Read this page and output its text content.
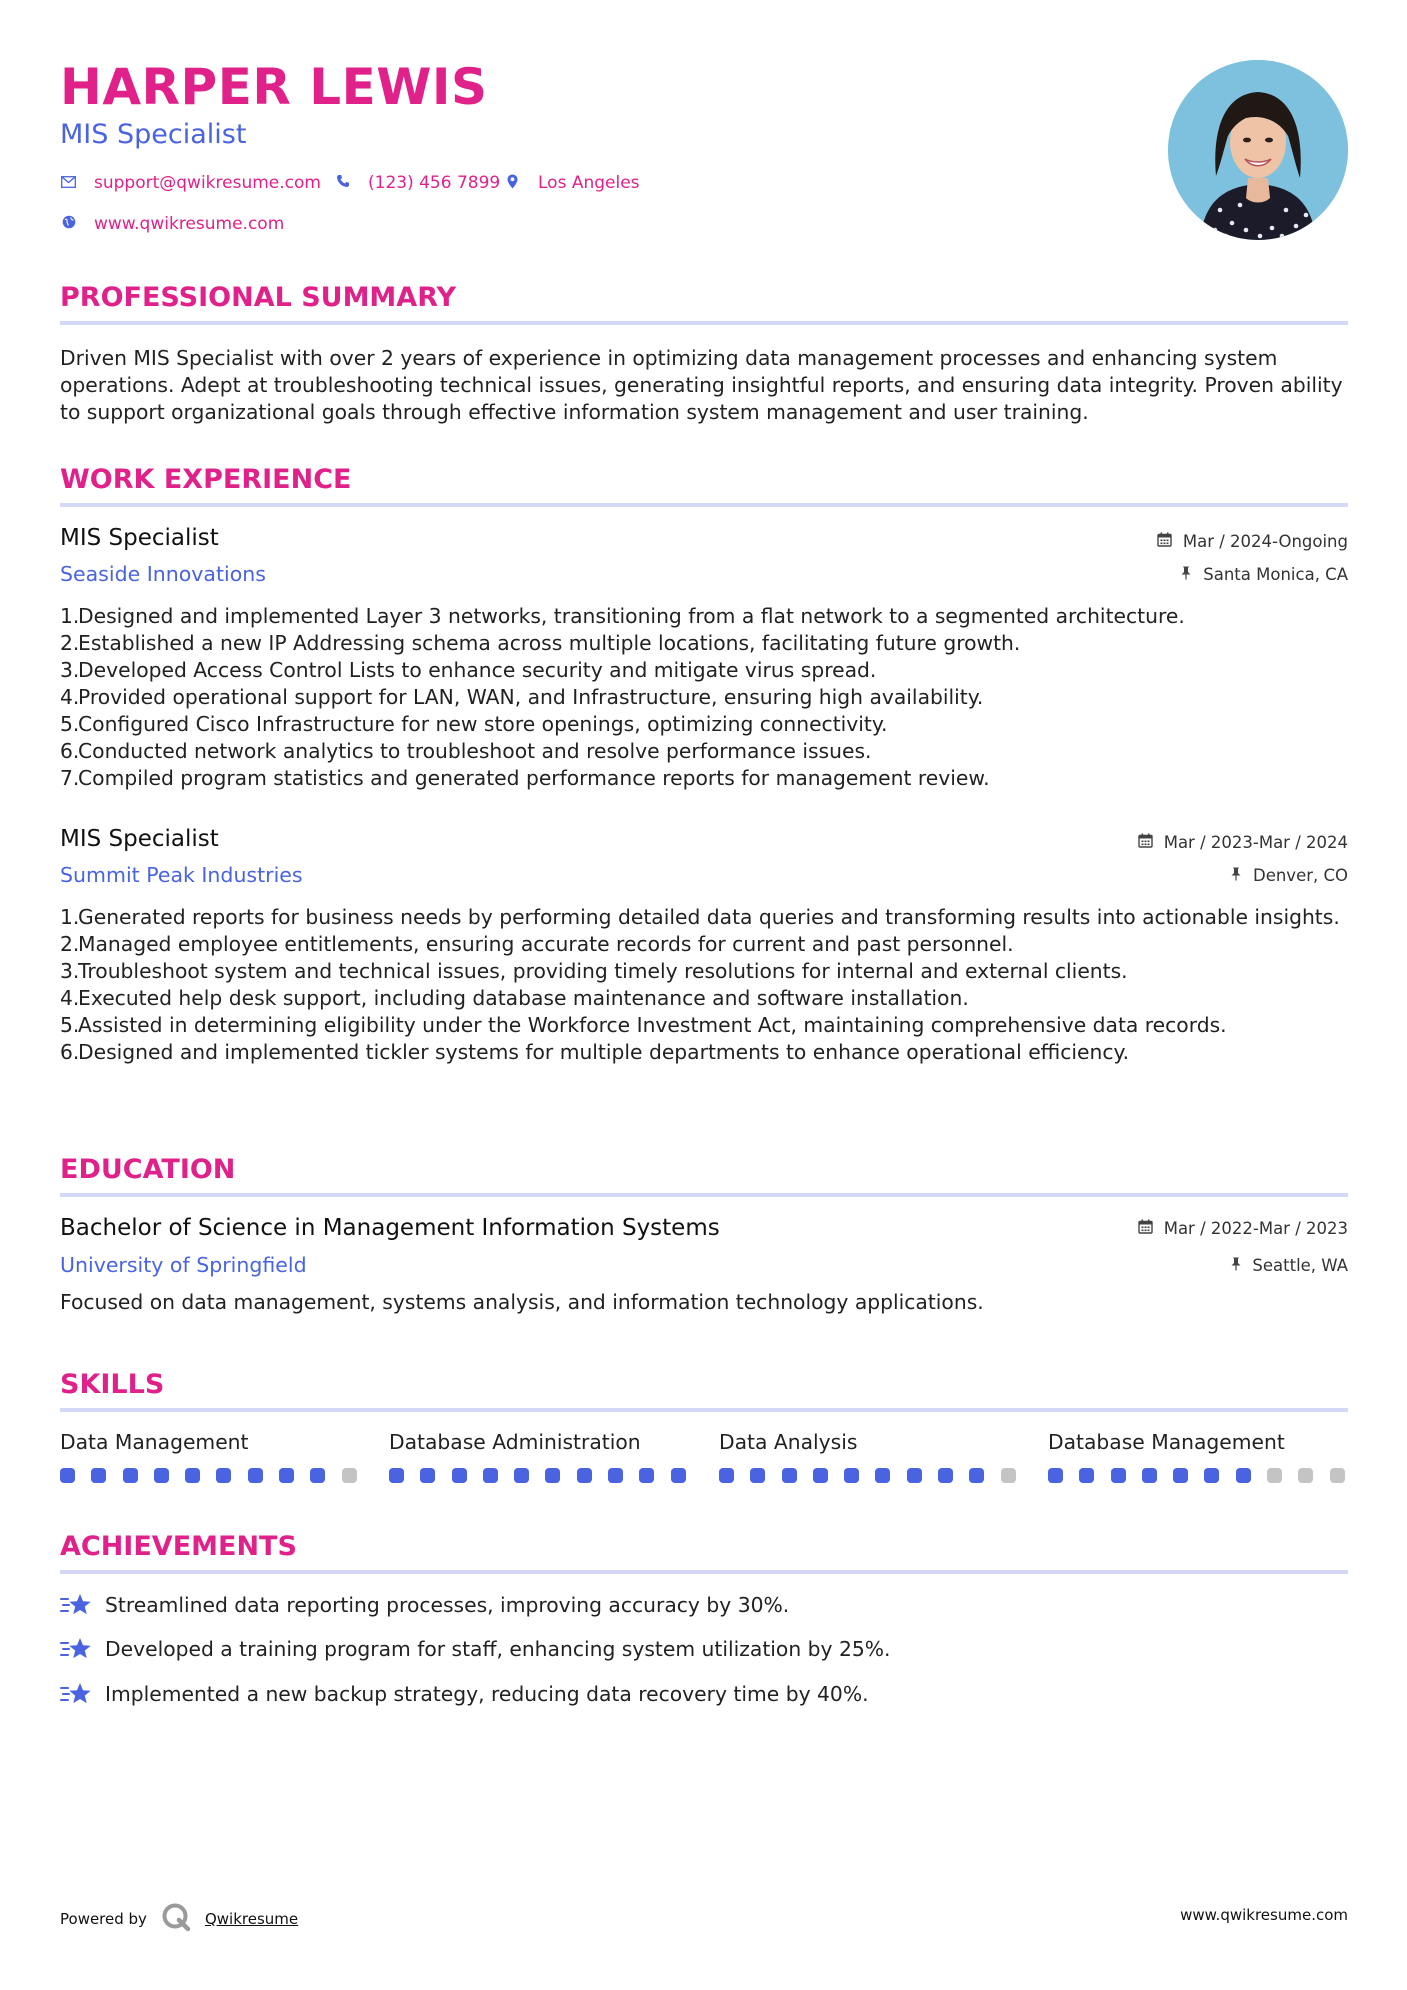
HARPER LEWIS
MIS Specialist
support@qwikresume.com	(123) 456 7899 Los Angeles
www.qwikresume.com
PROFESSIONAL SUMMARY
Driven MIS Specialist with over 2 years of experience in optimizing data management processes and enhancing system operations. Adept at troubleshooting technical issues, generating insightful reports, and ensuring data integrity. Proven ability to support organizational goals through effective information system management and user training.
WORK EXPERIENCE
MIS Specialist	Mar / 2024-Ongoing
Seaside Innovations	Santa Monica, CA
1.
Designed and implemented Layer 3 networks, transitioning from a flat network to a segmented architecture.
2.
Established a new IP Addressing schema across multiple locations, facilitating future growth.
3.
Developed Access Control Lists to enhance security and mitigate virus spread.
4.
Provided operational support for LAN, WAN, and Infrastructure, ensuring high availability.
5.
Configured Cisco Infrastructure for new store openings, optimizing connectivity.
6.
Conducted network analytics to troubleshoot and resolve performance issues.
7.
Compiled program statistics and generated performance reports for management review.
MIS Specialist	Mar / 2023-Mar / 2024
Summit Peak Industries	Denver, CO
1.
Generated reports for business needs by performing detailed data queries and transforming results into actionable insights.
2.
Managed employee entitlements, ensuring accurate records for current and past personnel.
3.
Troubleshoot system and technical issues, providing timely resolutions for internal and external clients.
4.
Executed help desk support, including database maintenance and software installation.
5.
Assisted in determining eligibility under the Workforce Investment Act, maintaining comprehensive data records.
6.
Designed and implemented tickler systems for multiple departments to enhance operational efficiency.
EDUCATION
Bachelor of Science in Management Information Systems	Mar / 2022-Mar / 2023
University of Springfield	Seattle, WA
Focused on data management, systems analysis, and information technology applications.
SKILLS
Data Management	Database Administration	Data Analysis	Database Management
ACHIEVEMENTS
Streamlined data reporting processes, improving accuracy by 30%.
Developed a training program for staff, enhancing system utilization by 25%.
Implemented a new backup strategy, reducing data recovery time by 40%.
Powered by	Qwikresume	www.qwikresume.com
